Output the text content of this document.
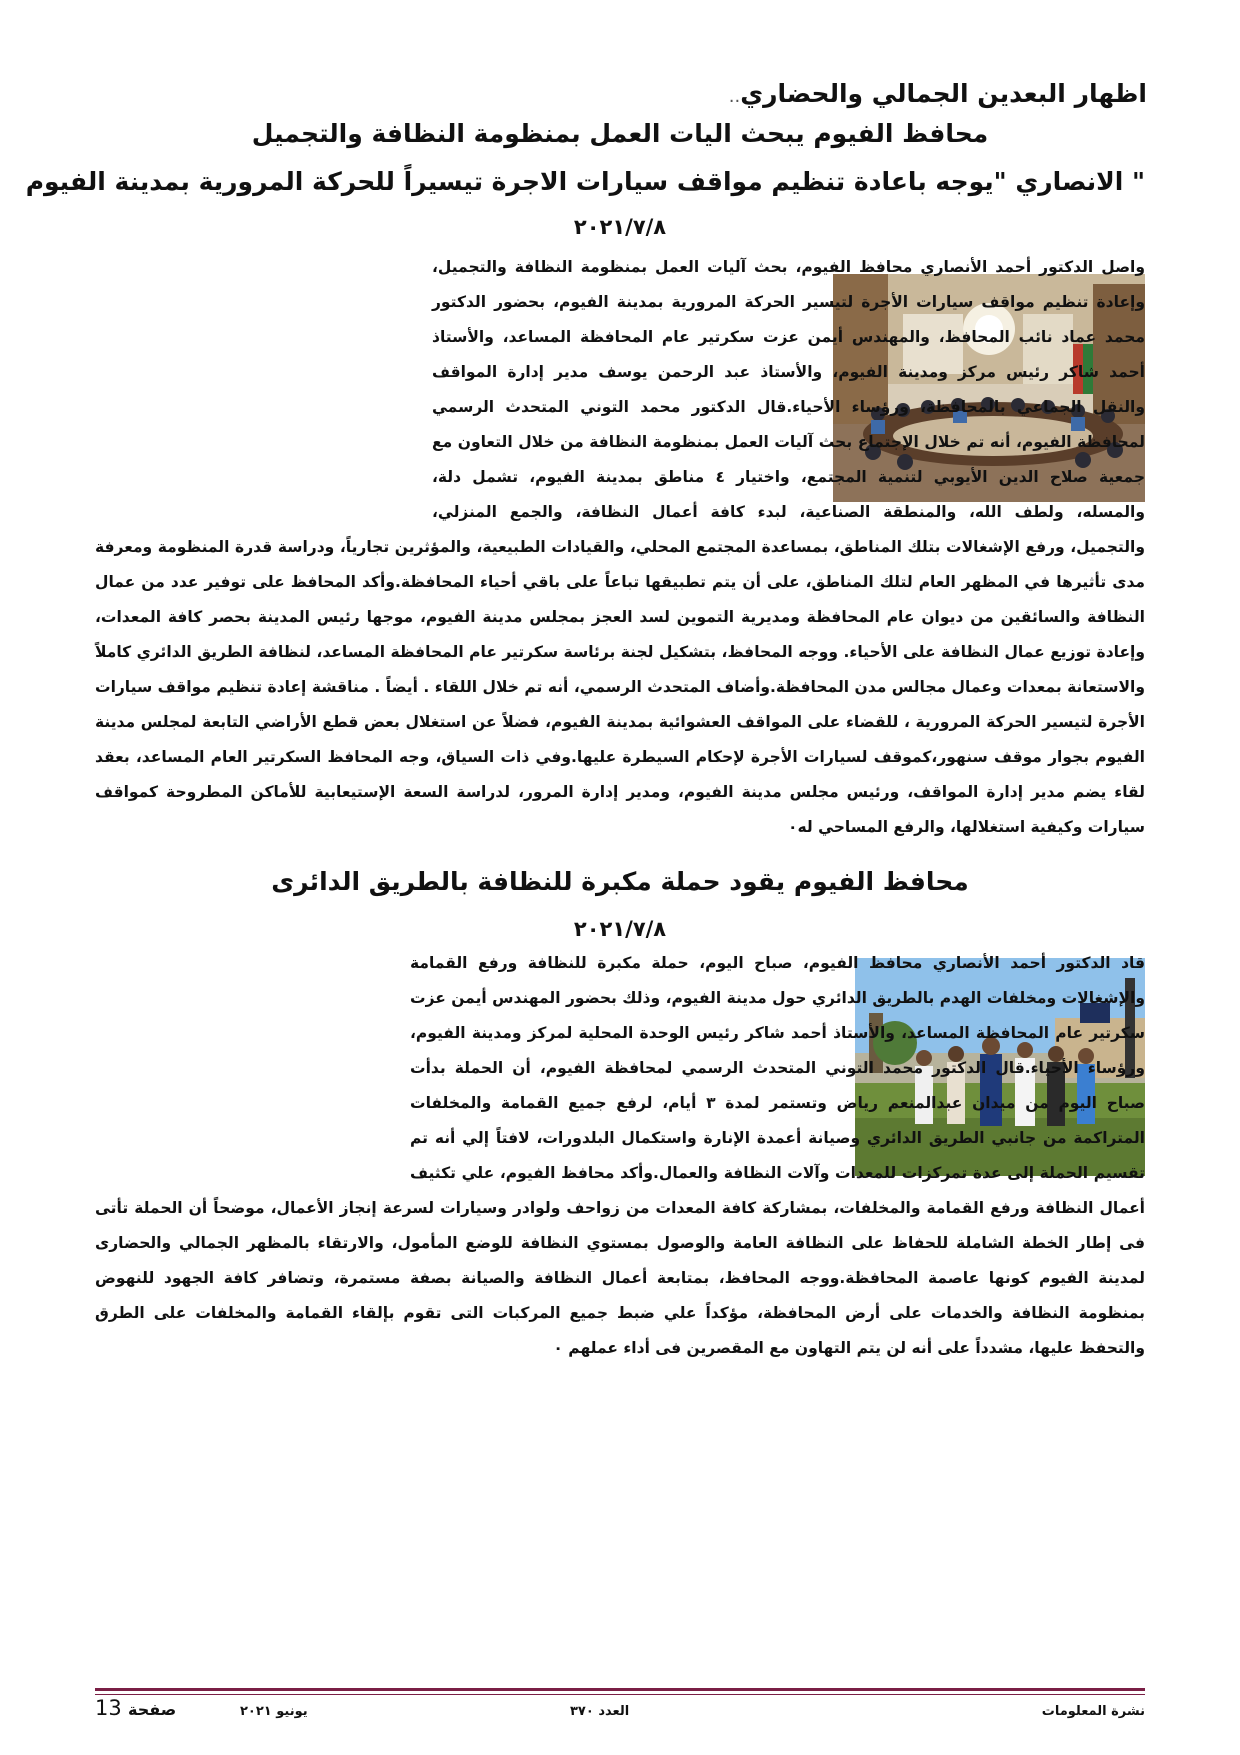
اظهار البعدين الجمالي والحضاري..
محافظ الفيوم يبحث اليات العمل بمنظومة النظافة والتجميل
" الانصاري "يوجه باعادة تنظيم مواقف سيارات الاجرة تيسيراً للحركة المرورية بمدينة الفيوم
٢٠٢١/٧/٨

واصل الدكتور أحمد الأنصاري محافظ الفيوم، بحث آليات العمل بمنظومة النظافة والتجميل، وإعادة تنظيم مواقف سيارات الأجرة لتيسير الحركة المرورية بمدينة الفيوم، بحضور الدكتور محمد عماد نائب المحافظ، والمهندس أيمن عزت سكرتير عام المحافظة المساعد، والأستاذ أحمد شاكر رئيس مركز ومدينة الفيوم، والأستاذ عبد الرحمن يوسف مدير إدارة المواقف والنقل الجماعي بالمحافظة، ورؤساء الأحياء.قال الدكتور محمد التوني المتحدث الرسمي لمحافظة الفيوم، أنه تم خلال الإجتماع بحث آليات العمل بمنظومة النظافة من خلال التعاون مع جمعية صلاح الدين الأيوبي لتنمية المجتمع، واختيار ٤ مناطق بمدينة الفيوم، تشمل دلة، والمسله، ولطف الله، والمنطقة الصناعية، لبدء كافة أعمال النظافة، والجمع المنزلي، والتجميل، ورفع الإشغالات بتلك المناطق، بمساعدة المجتمع المحلي، والقيادات الطبيعية، والمؤثرين تجارياً، ودراسة قدرة المنظومة ومعرفة مدى تأثيرها في المظهر العام لتلك المناطق، على أن يتم تطبيقها تباعاً على باقي أحياء المحافظة.وأكد المحافظ على توفير عدد من عمال النظافة والسائقين من ديوان عام المحافظة ومديرية التموين لسد العجز بمجلس مدينة الفيوم، موجها رئيس المدينة بحصر كافة المعدات، وإعادة توزيع عمال النظافة على الأحياء. ووجه المحافظ، بتشكيل لجنة برئاسة سكرتير عام المحافظة المساعد، لنظافة الطريق الدائري كاملاً والاستعانة بمعدات وعمال مجالس مدن المحافظة.وأضاف المتحدث الرسمي، أنه تم خلال اللقاء . أيضاً . مناقشة إعادة تنظيم مواقف سيارات الأجرة لتيسير الحركة المرورية ، للقضاء على المواقف العشوائية بمدينة الفيوم، فضلاً عن استغلال بعض قطع الأراضي التابعة لمجلس مدينة الفيوم بجوار موقف سنهور،كموقف لسيارات الأجرة لإحكام السيطرة عليها.وفي ذات السياق، وجه المحافظ السكرتير العام المساعد، بعقد لقاء يضم مدير إدارة المواقف، ورئيس مجلس مدينة الفيوم، ومدير إدارة المرور، لدراسة السعة الإستيعابية للأماكن المطروحة كمواقف سيارات وكيفية استغلالها، والرفع المساحي له٠

محافظ الفيوم يقود حملة مكبرة للنظافة بالطريق الدائرى
٢٠٢١/٧/٨

قاد الدكتور أحمد الأنصاري محافظ الفيوم، صباح اليوم، حملة مكبرة للنظافة ورفع القمامة والإشغالات ومخلفات الهدم بالطريق الدائري حول مدينة الفيوم، وذلك بحضور المهندس أيمن عزت سكرتير عام المحافظة المساعد، والأستاذ أحمد شاكر رئيس الوحدة المحلية لمركز ومدينة الفيوم، ورؤساء الأحياء.قال الدكتور محمد التوني المتحدث الرسمي لمحافظة الفيوم، أن الحملة بدأت صباح اليوم من ميدان عبدالمنعم رياض وتستمر لمدة ٣ أيام، لرفع جميع القمامة والمخلفات المتراكمة من جانبي الطريق الدائري وصيانة أعمدة الإنارة واستكمال البلدورات، لافتاً إلي أنه تم تقسيم الحملة إلى عدة تمركزات للمعدات وآلات النظافة والعمال.وأكد محافظ الفيوم، علي تكثيف أعمال النظافة ورفع القمامة والمخلفات، بمشاركة كافة المعدات من زواحف ولوادر وسيارات لسرعة إنجاز الأعمال، موضحاً أن الحملة تأتى فى إطار الخطة الشاملة للحفاظ على النظافة العامة والوصول بمستوي النظافة للوضع المأمول، والارتقاء بالمظهر الجمالي والحضارى لمدينة الفيوم كونها عاصمة المحافظة.ووجه المحافظ، بمتابعة أعمال النظافة والصيانة بصفة مستمرة، وتضافر كافة الجهود للنهوض بمنظومة النظافة والخدمات على أرض المحافظة، مؤكداً علي ضبط جميع المركبات التى تقوم بإلقاء القمامة والمخلفات على الطرق والتحفظ عليها، مشدداً على أنه لن يتم التهاون مع المقصرين فى أداء عملهم ٠

نشرة المعلومات
العدد ٣٧٠
يونيو ٢٠٢١
صفحة
13
